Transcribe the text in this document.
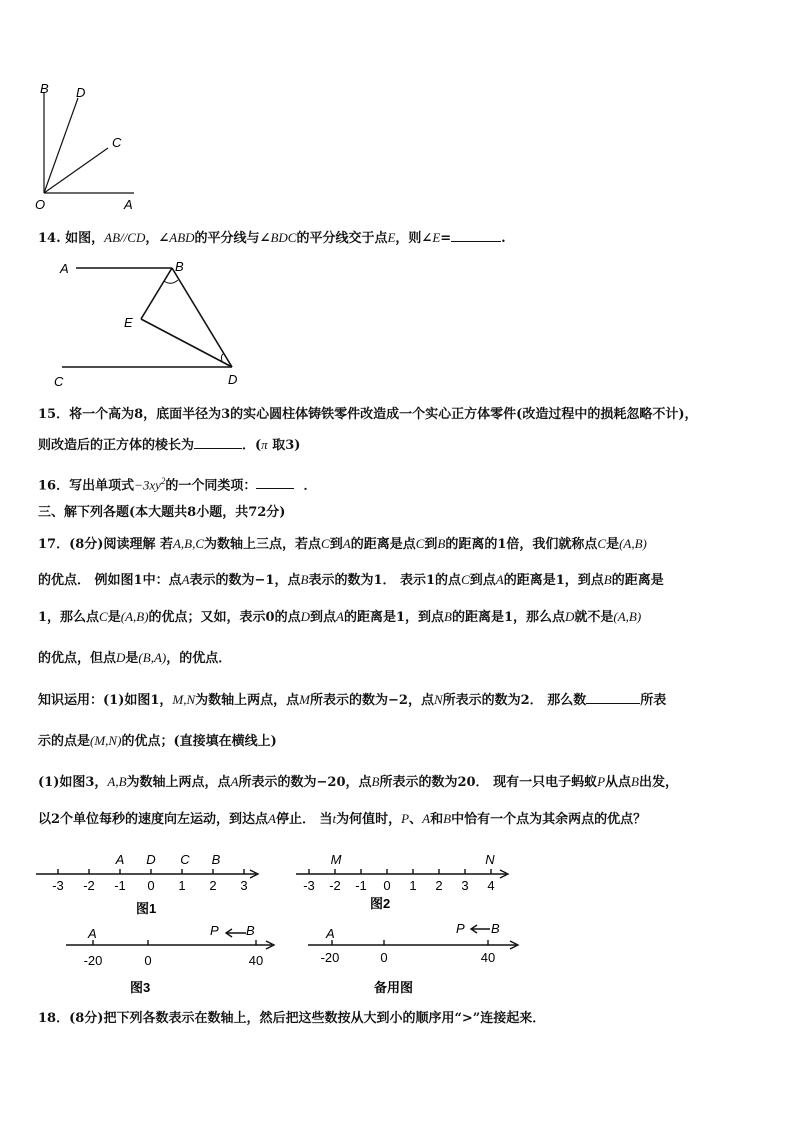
B D
C
O	A
14. 如图，AB//CD，∠ABD的平分线与∠BDC的平分线交于点E，则∠E=	.
A	B
E
C	D
15．将一个高为8，底面半径为3的实心圆柱体铸铁零件改造成一个实心正方体零件(改造过程中的损耗忽略不计)，
则改造后的正方体的棱长为	．(π 取3)
16．写出单项式$-3xy^2$的一个同类项：	．
三、解下列各题(本大题共8小题，共72分)
17．(8分)阅读理解 若A,B,C为数轴上三点，若点C到A的距离是点C到B的距离的1倍，我们就称点C是(A,B)
的优点． 例如图1中：点A表示的数为−1，点B表示的数为1． 表示1的点C到点A的距离是1，到点B的距离是
1，那么点C是(A,B)的优点；又如，表示0的点D到点A的距离是1，到点B的距离是1，那么点D就不是(A,B)
的优点，但点D是(B,A)，的优点．
知识运用：(1)如图1，M,N为数轴上两点，点M所表示的数为−2，点N所表示的数为2． 那么数	所表
示的点是(M,N)的优点；(直接填在横线上)
(1)如图3，A,B为数轴上两点，点A所表示的数为−20，点B所表示的数为20． 现有一只电子蚂蚁P从点B出发，
以2个单位每秒的速度向左运动，到达点A停止． 当t为何值时，P、A和B中恰有一个点为其余两点的优点？
A D C B
-3 -2 -1 0 1 2 3
图1
M	N
-3 -2 -1 0 1 2 3 4
图2
A	P B
-20	0	40
图3
A	P B
-20	0	40
备用图
18．(8分)把下列各数表示在数轴上，然后把这些数按从大到小的顺序用“>”连接起来．
